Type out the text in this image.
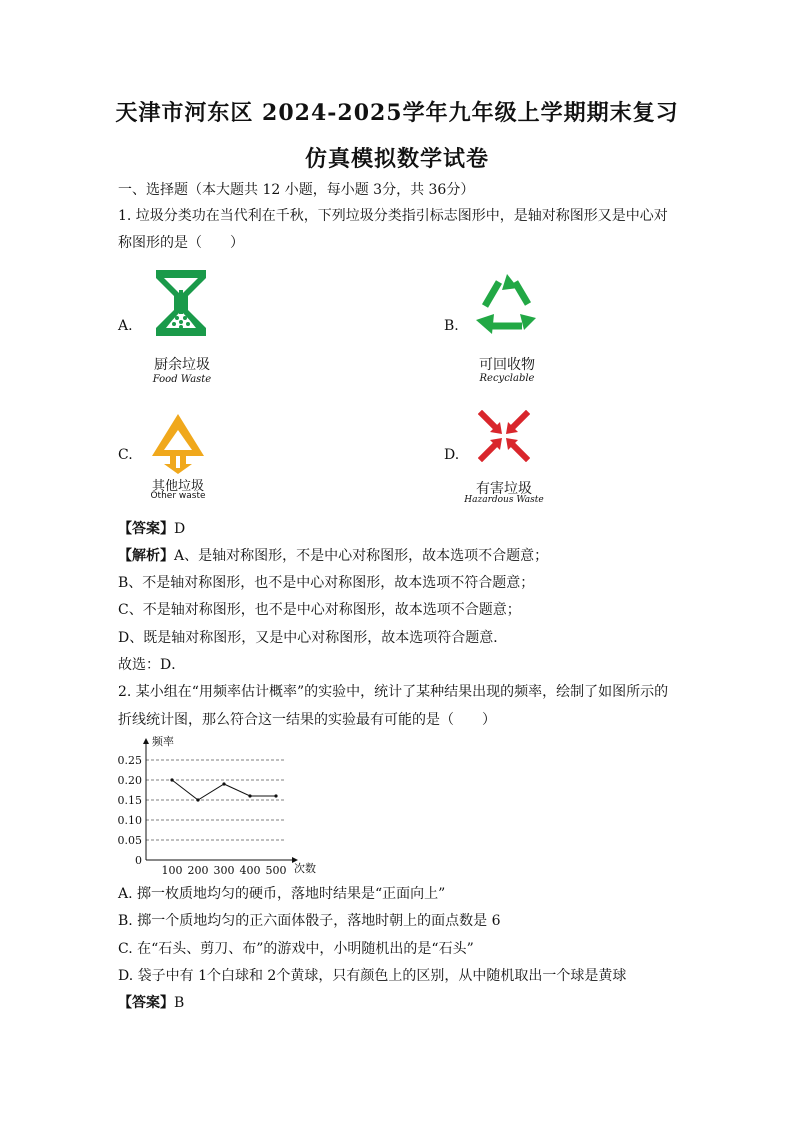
天津市河东区 2024-2025学年九年级上学期期末复习
仿真模拟数学试卷
一、选择题（本大题共 12 小题，每小题 3分，共 36分）
1. 垃圾分类功在当代利在千秋，下列垃圾分类指引标志图形中，是轴对称图形又是中心对
称图形的是（　　）
A.
厨余垃圾
Food Waste
B.
可回收物
Recyclable
C.
其他垃圾
Other waste
D.
有害垃圾
Hazardous Waste
【答案】D
【解析】A、是轴对称图形，不是中心对称图形，故本选项不合题意；
B、不是轴对称图形，也不是中心对称图形，故本选项不符合题意；
C、不是轴对称图形，也不是中心对称图形，故本选项不合题意；
D、既是轴对称图形，又是中心对称图形，故本选项符合题意．
故选：D．
2. 某小组在“用频率估计概率”的实验中，统计了某种结果出现的频率，绘制了如图所示的
折线统计图，那么符合这一结果的实验最有可能的是（　　）
0
0.05
0.10
0.15
0.20
0.25
100 200 300 400 500
频率
次数
A. 掷一枚质地均匀的硬币，落地时结果是“正面向上”
B. 掷一个质地均匀的正六面体骰子，落地时朝上的面点数是 6
C. 在“石头、剪刀、布”的游戏中，小明随机出的是“石头”
D. 袋子中有 1个白球和 2个黄球，只有颜色上的区别，从中随机取出一个球是黄球
【答案】B
